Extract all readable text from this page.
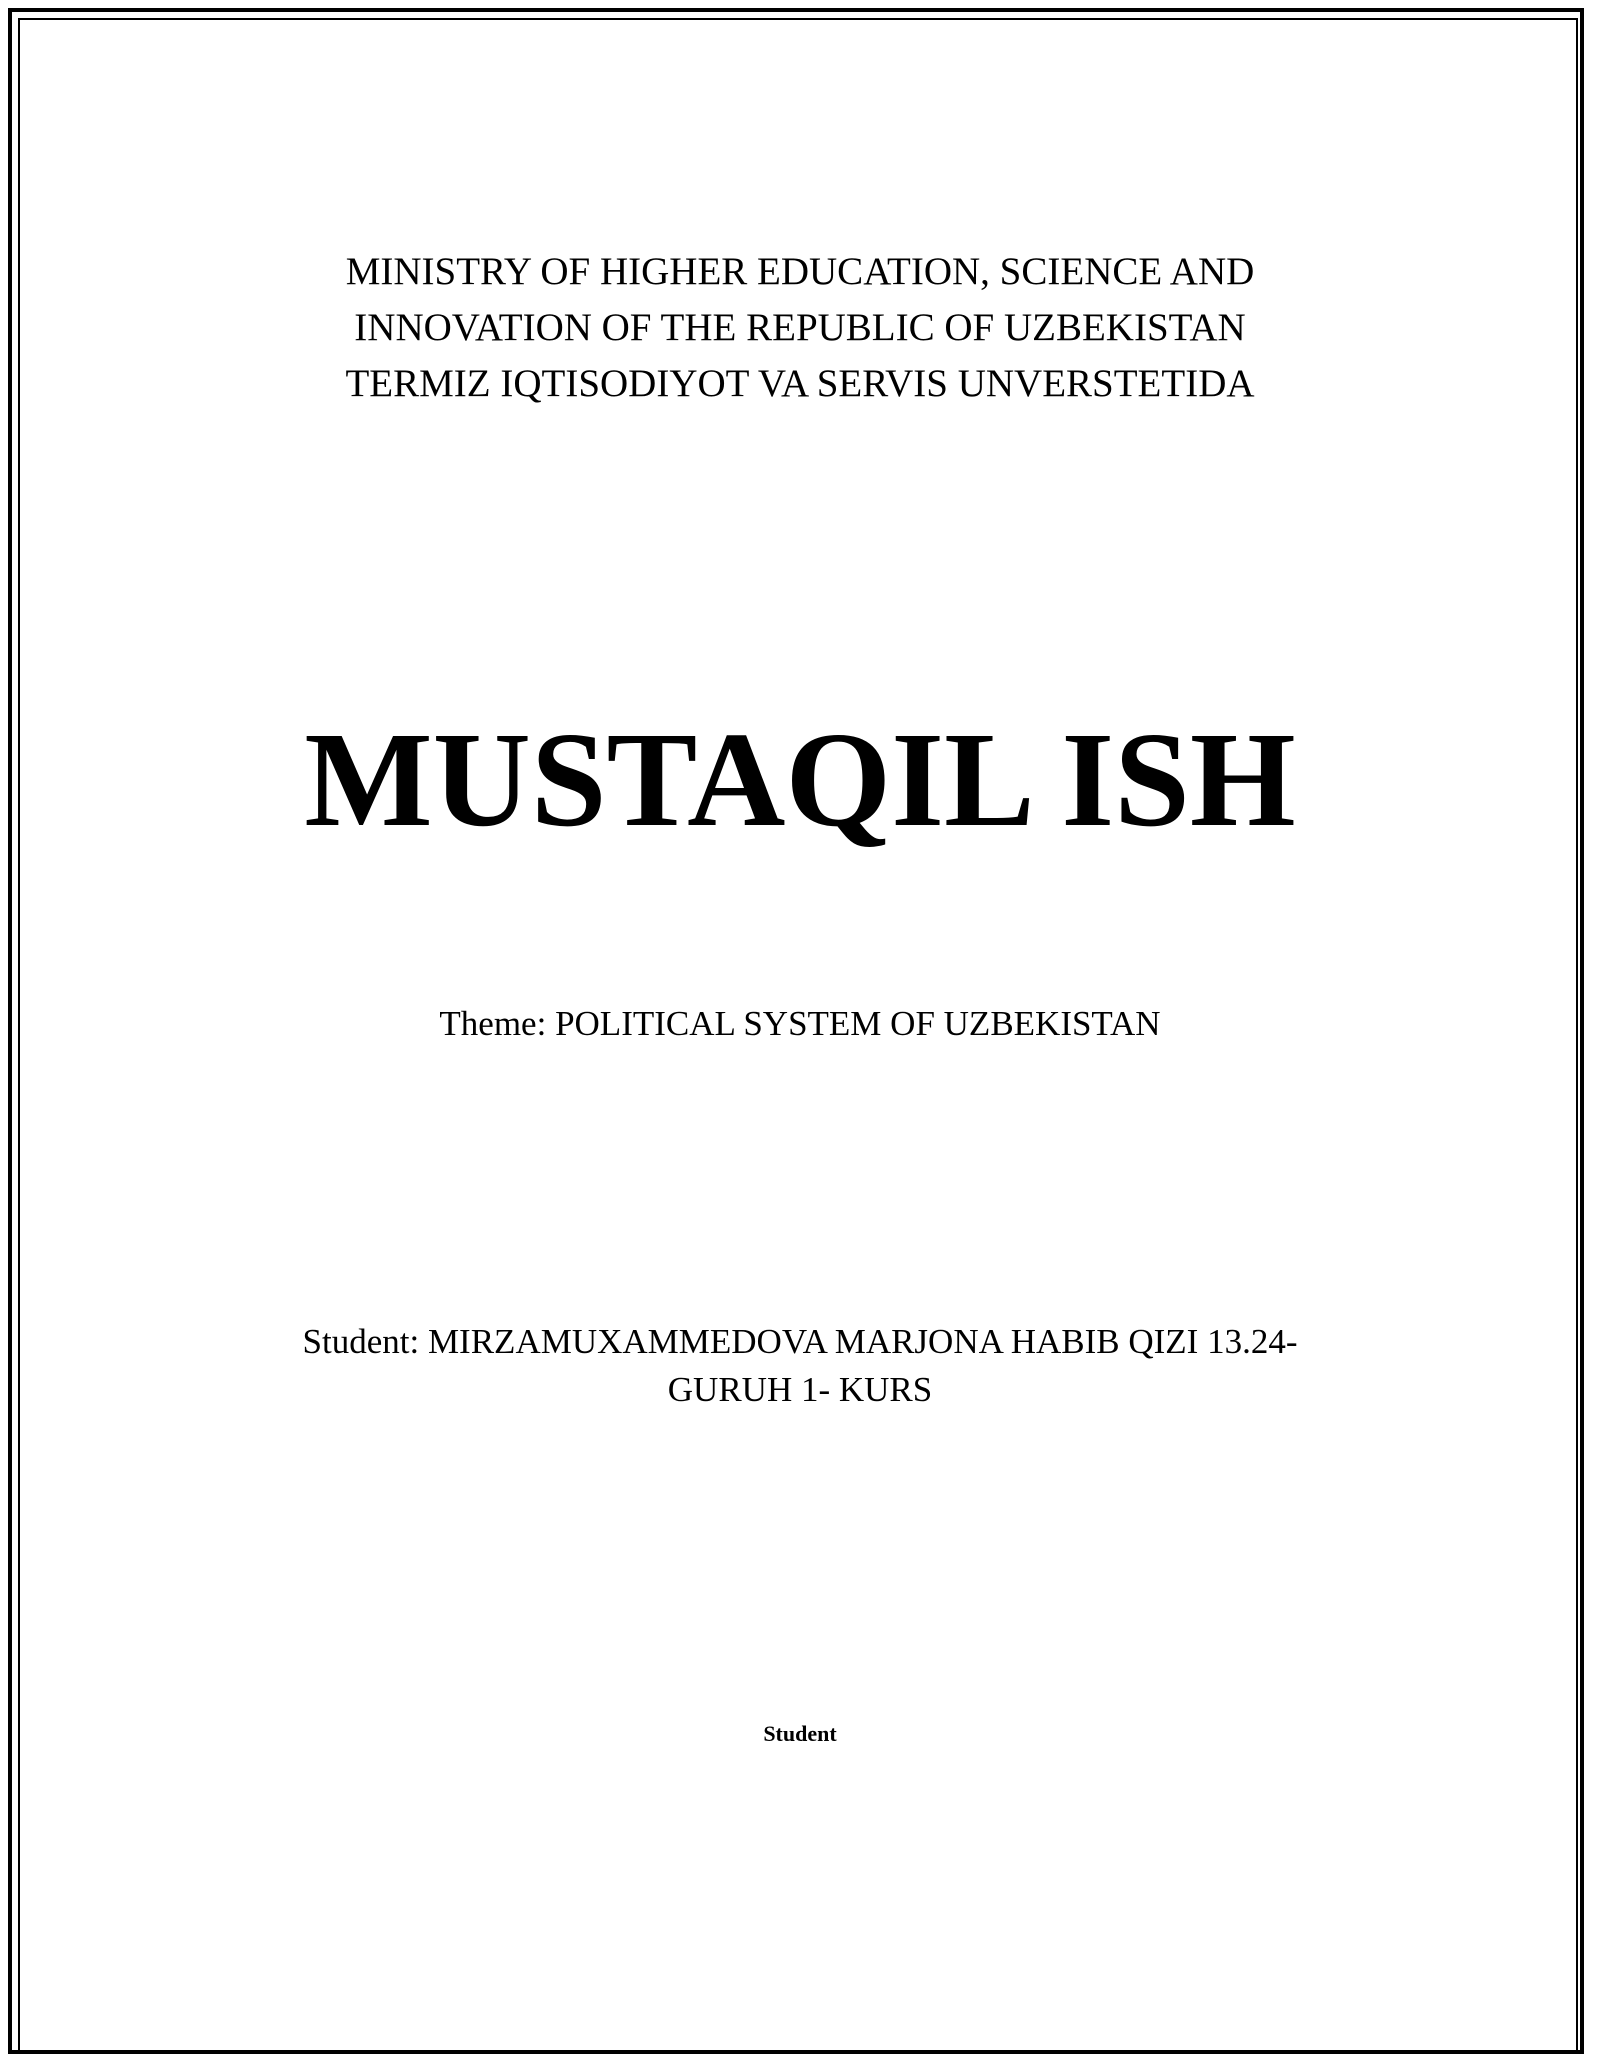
MINISTRY OF HIGHER EDUCATION, SCIENCE AND
INNOVATION OF THE REPUBLIC OF UZBEKISTAN
TERMIZ IQTISODIYOT VA SERVIS UNVERSTETIDA
MUSTAQIL ISH
Theme: POLITICAL SYSTEM OF UZBEKISTAN
Student: MIRZAMUXAMMEDOVA MARJONA HABIB QIZI 13.24-
GURUH 1- KURS
Student
